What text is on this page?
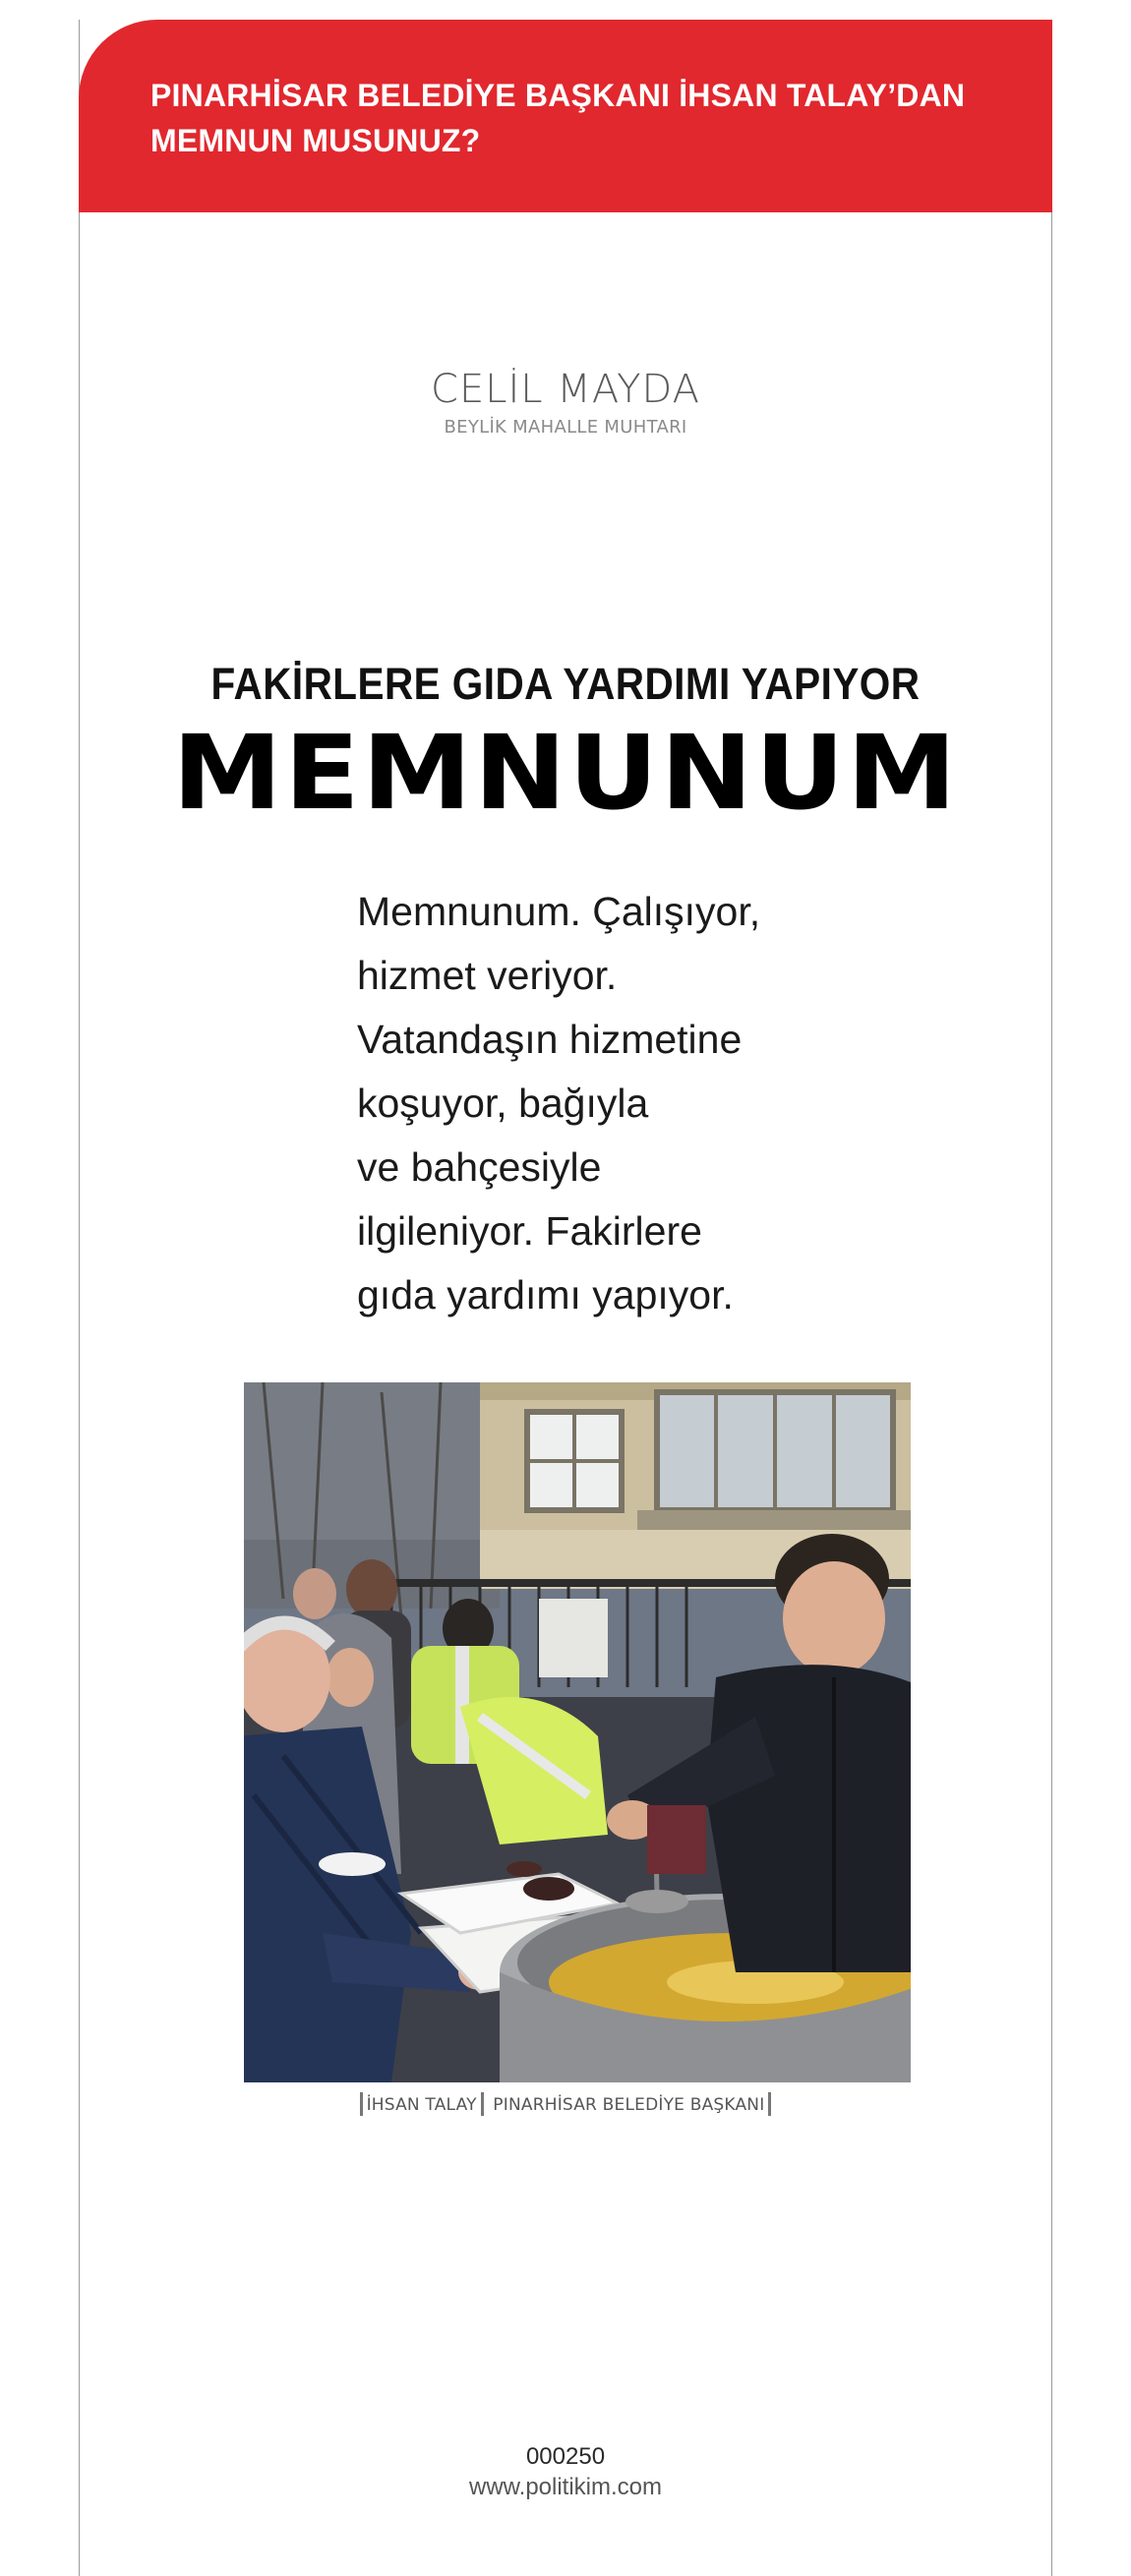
PINARHİSAR BELEDİYE BAŞKANI İHSAN TALAY’DAN
MEMNUN MUSUNUZ?
CELİL MAYDA
BEYLİK MAHALLE MUHTARI
FAKİRLERE GIDA YARDIMI YAPIYOR
MEMNUNUM

Memnunum. Çalışıyor,
hizmet veriyor.
Vatandaşın hizmetine
koşuyor, bağıyla
ve bahçesiyle
ilgileniyor. Fakirlere
gıda yardımı yapıyor.

İHSAN TALAY PINARHİSAR BELEDİYE BAŞKANI
000250
www.politikim.com
